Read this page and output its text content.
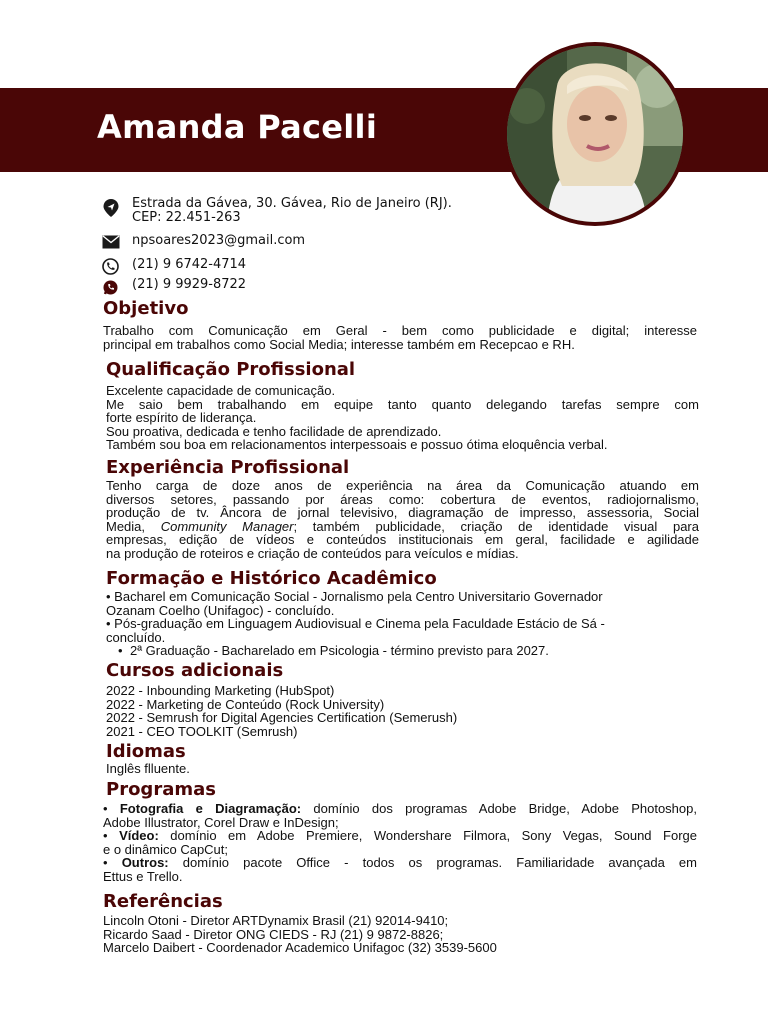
Amanda Pacelli
Estrada da Gávea, 30. Gávea, Rio de Janeiro (RJ).
CEP: 22.451-263
npsoares2023@gmail.com
(21) 9 6742-4714
(21) 9 9929-8722
Objetivo
Trabalho com Comunicação em Geral - bem como publicidade e digital; interesse
principal em trabalhos como Social Media; interesse também em Recepcao e RH.
Qualificação Profissional
Excelente capacidade de comunicação.
Me saio bem trabalhando em equipe tanto quanto delegando tarefas sempre com
forte espírito de liderança.
Sou proativa, dedicada e tenho facilidade de aprendizado.
Também sou boa em relacionamentos interpessoais e possuo ótima eloquência verbal.
Experiência Profissional
Tenho carga de doze anos de experiência na área da Comunicação atuando em
diversos setores, passando por áreas como: cobertura de eventos, radiojornalismo,
produção de tv. Âncora de jornal televisivo, diagramação de impresso, assessoria, Social
Media, Community Manager; também publicidade, criação de identidade visual para
empresas, edição de vídeos e conteúdos institucionais em geral, facilidade e agilidade
na produção de roteiros e criação de conteúdos para veículos e mídias.
Formação e Histórico Acadêmico
• Bacharel em Comunicação Social - Jornalismo pela Centro Universitario Governador
Ozanam Coelho (Unifagoc) - concluído.
• Pós-graduação em Linguagem Audiovisual e Cinema pela Faculdade Estácio de Sá -
concluído.
• 2ª Graduação - Bacharelado em Psicologia - término previsto para 2027.
Cursos adicionais
2022 - Inbounding Marketing (HubSpot)
2022 - Marketing de Conteúdo (Rock University)
2022 - Semrush for Digital Agencies Certification (Semerush)
2021 - CEO TOOLKIT (Semrush)
Idiomas
Inglês flluente.
Programas
• Fotografia e Diagramação: domínio dos programas Adobe Bridge, Adobe Photoshop,
Adobe Illustrator, Corel Draw e InDesign;
• Vídeo: domínio em Adobe Premiere, Wondershare Filmora, Sony Vegas, Sound Forge
e o dinâmico CapCut;
• Outros: domínio pacote Office - todos os programas. Familiaridade avançada em
Ettus e Trello.
Referências
Lincoln Otoni - Diretor ARTDynamix Brasil (21) 92014-9410;
Ricardo Saad - Diretor ONG CIEDS - RJ (21) 9 9872-8826;
Marcelo Daibert - Coordenador Academico Unifagoc (32) 3539-5600
